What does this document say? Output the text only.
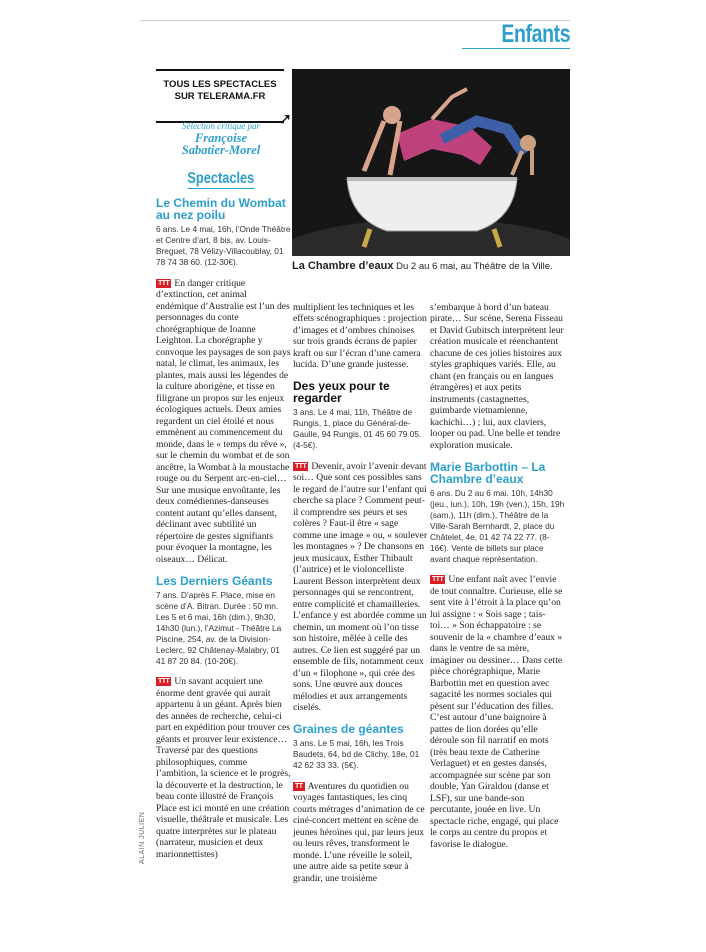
Enfants
TOUS LES SPECTACLES
SUR TELERAMA.FR
➚
Sélection critique par
Françoise
Sabatier-Morel
Spectacles
La Chambre d’eaux Du 2 au 6 mai, au Théâtre de la Ville.
Le Chemin du Wombat au nez poilu
6 ans. Le 4 mai, 16h, l’Onde Théâtre et Centre d’art, 8 bis, av. Louis-Breguet, 78 Vélizy-Villacoublay, 01 78 74 38 60. (12-30€).

TTT En danger critique d’extinction, cet animal endémique d’Australie est l’un des personnages du conte chorégraphique de Ioanne Leighton. La chorégraphe y convoque les paysages de son pays natal, le climat, les animaux, les plantes, mais aussi les légendes de la culture aborigène, et tisse en filigrane un propos sur les enjeux écologiques actuels. Deux amies regardent un ciel étoilé et nous emmènent au commencement du monde, dans le « temps du rêve », sur le chemin du wombat et de son ancêtre, la Wombat à la moustache rouge ou du Serpent arc-en-ciel… Sur une musique envoûtante, les deux comédiennes-danseuses content autant qu’elles dansent, déclinant avec subtilité un répertoire de gestes signifiants pour évoquer la montagne, les oiseaux… Délicat.

Les Derniers Géants
7 ans. D’après F. Place, mise en scène d’A. Bitran. Durée : 50 mn. Les 5 et 6 mai, 16h (dim.), 9h30, 14h30 (lun.), l’Azimut - Théâtre La Piscine, 254, av. de la Division-Leclerc, 92 Châtenay-Malabry, 01 41 87 20 84. (10-20€).

TTT Un savant acquiert une énorme dent gravée qui aurait appartenu à un géant. Après bien des années de recherche, celui-ci part en expédition pour trouver ces géants et prouver leur existence… Traversé par des questions philosophiques, comme l’ambition, la science et le progrès, la découverte et la destruction, le beau conte illustré de François Place est ici monté en une création visuelle, théâtrale et musicale. Les quatre interprètes sur le plateau (narrateur, musicien et deux marionnettistes)

multiplient les techniques et les effets scénographiques : projection d’images et d’ombres chinoises sur trois grands écrans de papier kraft ou sur l’écran d’une camera lucida. D’une grande justesse.

Des yeux pour te regarder
3 ans. Le 4 mai, 11h, Théâtre de Rungis, 1, place du Général-de-Gaulle, 94 Rungis, 01 45 60 79 05. (4-5€).

TTT Devenir, avoir l’avenir devant soi… Que sont ces possibles sans le regard de l’autre sur l’enfant qui cherche sa place ? Comment peut-il comprendre ses peurs et ses colères ? Faut-il être « sage comme une image » ou, « soulever les montagnes » ? De chansons en jeux musicaux, Esther Thibault (l’autrice) et le violoncelliste Laurent Besson interprètent deux personnages qui se rencontrent, entre complicité et chamailleries. L’enfance y est abordée comme un chemin, un moment où l’on tisse son histoire, mêlée à celle des autres. Ce lien est suggéré par un ensemble de fils, notamment ceux d’un « filophone », qui crée des sons. Une œuvre aux douces mélodies et aux arrangements ciselés.

Graines de géantes
3 ans. Le 5 mai, 16h, les Trois Baudets, 64, bd de Clichy, 18e, 01 42 62 33 33. (5€).

TT Aventures du quotidien ou voyages fantastiques, les cinq courts métrages d’animation de ce ciné-concert mettent en scène de jeunes héroïnes qui, par leurs jeux ou leurs rêves, transforment le monde. L’une réveille le soleil, une autre aide sa petite sœur à grandir, une troisième

s’embarque à bord d’un bateau pirate… Sur scène, Serena Fisseau et David Gubitsch interprètent leur création musicale et réenchantent chacune de ces jolies histoires aux styles graphiques variés. Elle, au chant (en français ou en langues étrangères) et aux petits instruments (castagnettes, guimbarde vietnamienne, kachichi…) ; lui, aux claviers, looper ou pad. Une belle et tendre exploration musicale.

Marie Barbottin – La Chambre d’eaux
6 ans. Du 2 au 6 mai. 10h, 14h30 (jeu., lun.), 10h, 19h (ven.), 15h, 19h (sam.), 11h (dim.), Théâtre de la Ville-Sarah Bernhardt, 2, place du Châtelet, 4e, 01 42 74 22 77. (8-16€). Vente de billets sur place avant chaque représentation.

TTT Une enfant naît avec l’envie de tout connaître. Curieuse, elle se sent vite à l’étroit à la place qu’on lui assigne : « Sois sage ; tais-toi… » Son échappatoire : se souvenir de la « chambre d’eaux » dans le ventre de sa mère, imaginer ou dessiner… Dans cette pièce chorégraphique, Marie Barbottin met en question avec sagacité les normes sociales qui pèsent sur l’éducation des filles. C’est autour d’une baignoire à pattes de lion dorées qu’elle déroule son fil narratif en mots (très beau texte de Catherine Verlaguet) et en gestes dansés, accompagnée sur scène par son double, Yan Giraldou (danse et LSF), sur une bande-son percutante, jouée en live. Un spectacle riche, engagé, qui place le corps au centre du propos et favorise le dialogue.

ALAIN JULIEN
